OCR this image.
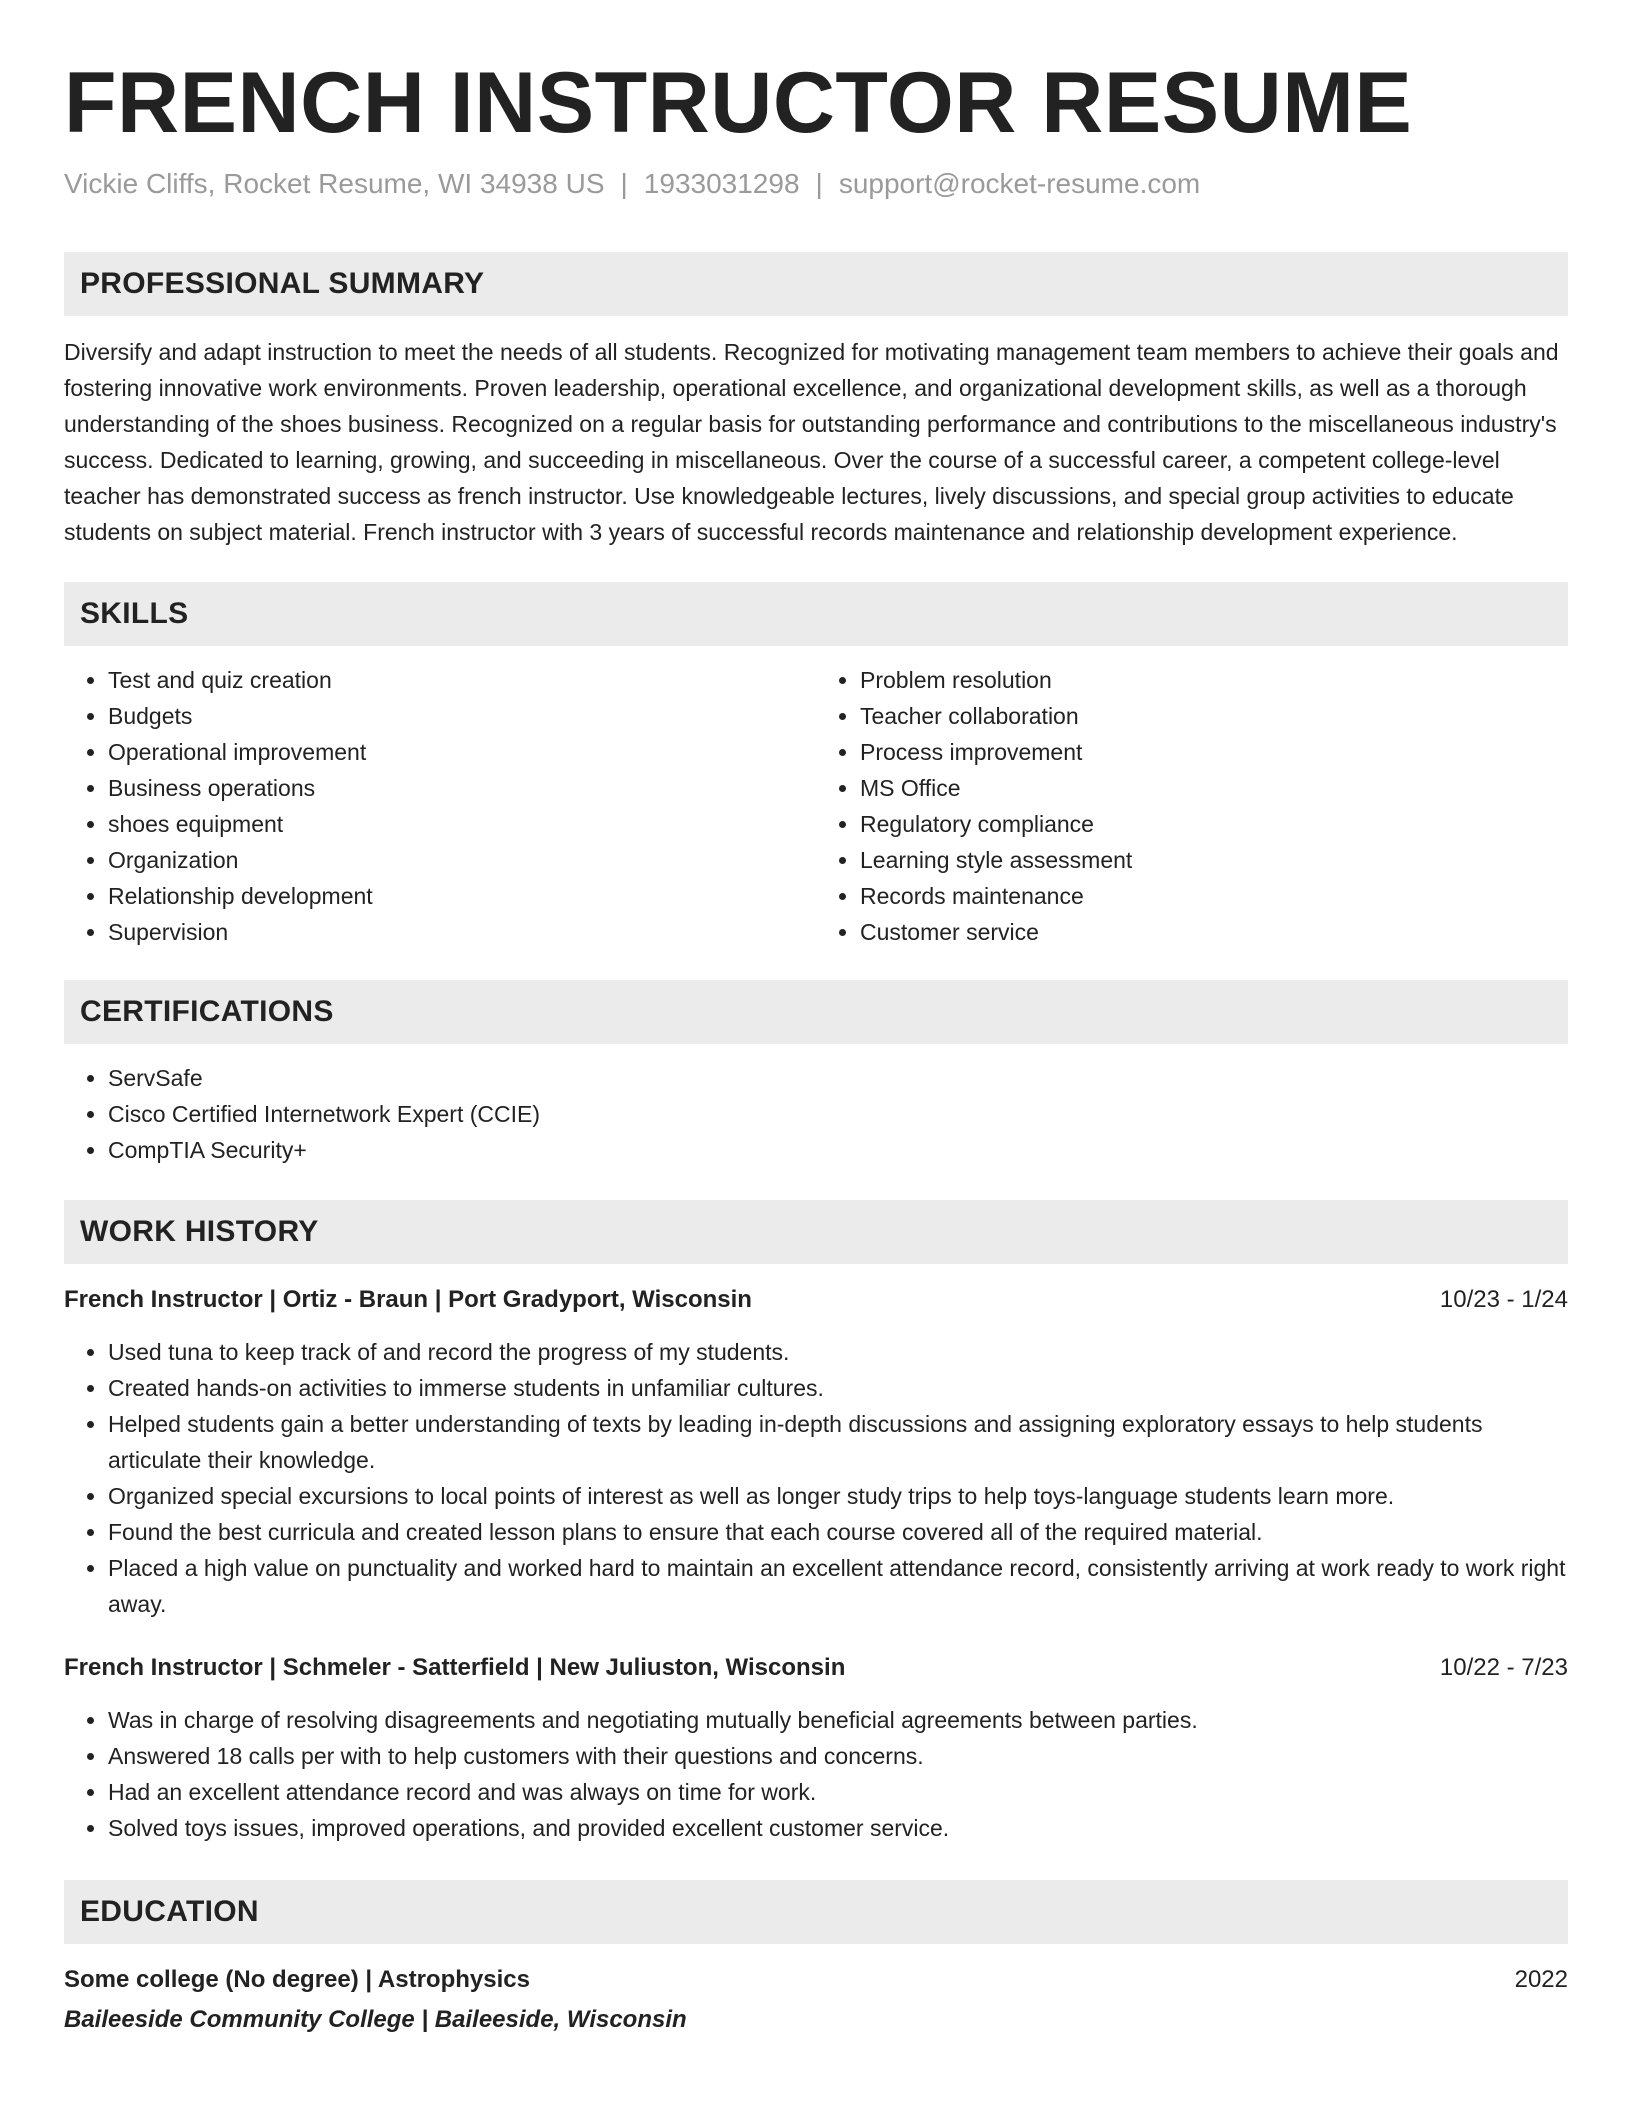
FRENCH INSTRUCTOR RESUME
Vickie Cliffs, Rocket Resume, WI 34938 US | 1933031298 | support@rocket-resume.com
PROFESSIONAL SUMMARY
Diversify and adapt instruction to meet the needs of all students. Recognized for motivating management team members to achieve their goals and fostering innovative work environments. Proven leadership, operational excellence, and organizational development skills, as well as a thorough understanding of the shoes business. Recognized on a regular basis for outstanding performance and contributions to the miscellaneous industry's success. Dedicated to learning, growing, and succeeding in miscellaneous. Over the course of a successful career, a competent college-level teacher has demonstrated success as french instructor. Use knowledgeable lectures, lively discussions, and special group activities to educate students on subject material. French instructor with 3 years of successful records maintenance and relationship development experience.
SKILLS
• Test and quiz creation
• Budgets
• Operational improvement
• Business operations
• shoes equipment
• Organization
• Relationship development
• Supervision
• Problem resolution
• Teacher collaboration
• Process improvement
• MS Office
• Regulatory compliance
• Learning style assessment
• Records maintenance
• Customer service
CERTIFICATIONS
• ServSafe
• Cisco Certified Internetwork Expert (CCIE)
• CompTIA Security+
WORK HISTORY
French Instructor | Ortiz - Braun | Port Gradyport, Wisconsin	10/23 - 1/24
• Used tuna to keep track of and record the progress of my students.
• Created hands-on activities to immerse students in unfamiliar cultures.
• Helped students gain a better understanding of texts by leading in-depth discussions and assigning exploratory essays to help students articulate their knowledge.
• Organized special excursions to local points of interest as well as longer study trips to help toys-language students learn more.
• Found the best curricula and created lesson plans to ensure that each course covered all of the required material.
• Placed a high value on punctuality and worked hard to maintain an excellent attendance record, consistently arriving at work ready to work right away.
French Instructor | Schmeler - Satterfield | New Juliuston, Wisconsin	10/22 - 7/23
• Was in charge of resolving disagreements and negotiating mutually beneficial agreements between parties.
• Answered 18 calls per with to help customers with their questions and concerns.
• Had an excellent attendance record and was always on time for work.
• Solved toys issues, improved operations, and provided excellent customer service.
EDUCATION
Some college (No degree) | Astrophysics	2022
Baileeside Community College | Baileeside, Wisconsin
